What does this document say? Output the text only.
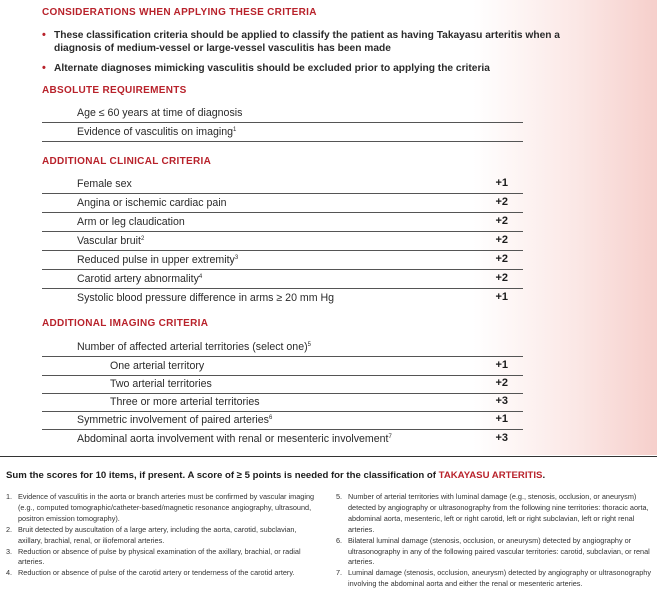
CONSIDERATIONS WHEN APPLYING THESE CRITERIA
• These classification criteria should be applied to classify the patient as having Takayasu arteritis when a diagnosis of medium-vessel or large-vessel vasculitis has been made
• Alternate diagnoses mimicking vasculitis should be excluded prior to applying the criteria
ABSOLUTE REQUIREMENTS
Age ≤ 60 years at time of diagnosis
Evidence of vasculitis on imaging$^1$
ADDITIONAL CLINICAL CRITERIA
Female sex	+1
Angina or ischemic cardiac pain	+2
Arm or leg claudication	+2
Vascular bruit$^2$	+2
Reduced pulse in upper extremity$^3$	+2
Carotid artery abnormality$^4$	+2
Systolic blood pressure difference in arms ≥ 20 mm Hg	+1
ADDITIONAL IMAGING CRITERIA
Number of affected arterial territories (select one)$^5$
One arterial territory	+1
Two arterial territories	+2
Three or more arterial territories	+3
Symmetric involvement of paired arteries$^6$	+1
Abdominal aorta involvement with renal or mesenteric involvement$^7$	+3
Sum the scores for 10 items, if present. A score of ≥ 5 points is needed for the classification of TAKAYASU ARTERITIS.
1. Evidence of vasculitis in the aorta or branch arteries must be confirmed by vascular imaging (e.g., computed tomographic/catheter-based/magnetic resonance angiography, ultrasound, positron emission tomography).
2. Bruit detected by auscultation of a large artery, including the aorta, carotid, subclavian, axillary, brachial, renal, or iliofemoral arteries.
3. Reduction or absence of pulse by physical examination of the axillary, brachial, or radial arteries.
4. Reduction or absence of pulse of the carotid artery or tenderness of the carotid artery.
5. Number of arterial territories with luminal damage (e.g., stenosis, occlusion, or aneurysm) detected by angiography or ultrasonography from the following nine territories: thoracic aorta, abdominal aorta, mesenteric, left or right carotid, left or right subclavian, left or right renal arteries.
6. Bilateral luminal damage (stenosis, occlusion, or aneurysm) detected by angiography or ultrasonography in any of the following paired vascular territories: carotid, subclavian, or renal arteries.
7. Luminal damage (stenosis, occlusion, aneurysm) detected by angiography or ultrasonography involving the abdominal aorta and either the renal or mesenteric arteries.
